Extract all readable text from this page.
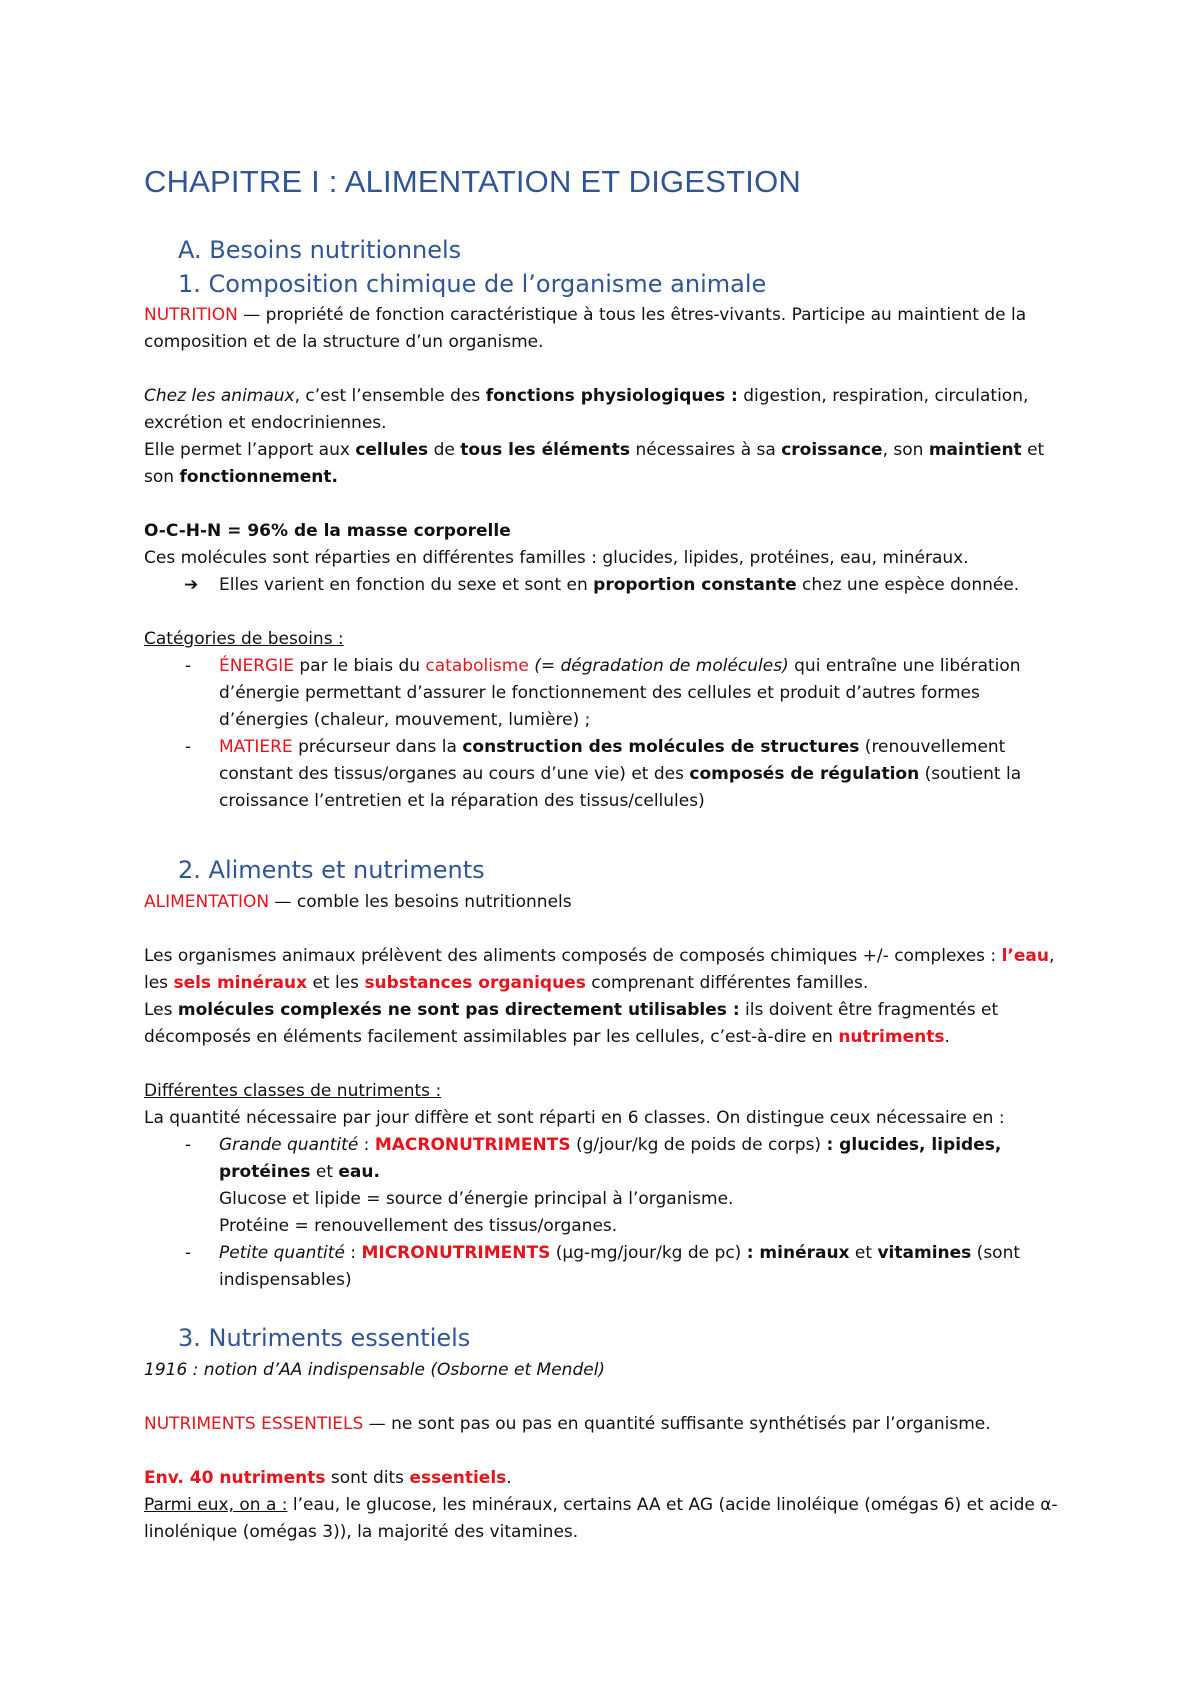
CHAPITRE I : ALIMENTATION ET DIGESTION
A. Besoins nutritionnels
1. Composition chimique de l’organisme animale
NUTRITION — propriété de fonction caractéristique à tous les êtres-vivants. Participe au maintient de la composition et de la structure d’un organisme.
Chez les animaux, c’est l’ensemble des fonctions physiologiques : digestion, respiration, circulation, excrétion et endocriniennes.
Elle permet l’apport aux cellules de tous les éléments nécessaires à sa croissance, son maintient et son fonctionnement.
O-C-H-N = 96% de la masse corporelle
Ces molécules sont réparties en différentes familles : glucides, lipides, protéines, eau, minéraux.
➔ Elles varient en fonction du sexe et sont en proportion constante chez une espèce donnée.
Catégories de besoins :
- ÉNERGIE par le biais du catabolisme (= dégradation de molécules) qui entraîne une libération d’énergie permettant d’assurer le fonctionnement des cellules et produit d’autres formes d’énergies (chaleur, mouvement, lumière) ;
- MATIERE précurseur dans la construction des molécules de structures (renouvellement constant des tissus/organes au cours d’une vie) et des composés de régulation (soutient la croissance l’entretien et la réparation des tissus/cellules)
2. Aliments et nutriments
ALIMENTATION — comble les besoins nutritionnels
Les organismes animaux prélèvent des aliments composés de composés chimiques +/- complexes : l’eau, les sels minéraux et les substances organiques comprenant différentes familles.
Les molécules complexés ne sont pas directement utilisables : ils doivent être fragmentés et décomposés en éléments facilement assimilables par les cellules, c’est-à-dire en nutriments.
Différentes classes de nutriments :
La quantité nécessaire par jour diffère et sont réparti en 6 classes. On distingue ceux nécessaire en :
- Grande quantité : MACRONUTRIMENTS (g/jour/kg de poids de corps) : glucides, lipides, protéines et eau.
Glucose et lipide = source d’énergie principal à l’organisme.
Protéine = renouvellement des tissus/organes.
- Petite quantité : MICRONUTRIMENTS (µg-mg/jour/kg de pc) : minéraux et vitamines (sont indispensables)
3. Nutriments essentiels
1916 : notion d’AA indispensable (Osborne et Mendel)
NUTRIMENTS ESSENTIELS — ne sont pas ou pas en quantité suffisante synthétisés par l’organisme.
Env. 40 nutriments sont dits essentiels.
Parmi eux, on a : l’eau, le glucose, les minéraux, certains AA et AG (acide linoléique (omégas 6) et acide α-linolénique (omégas 3)), la majorité des vitamines.
